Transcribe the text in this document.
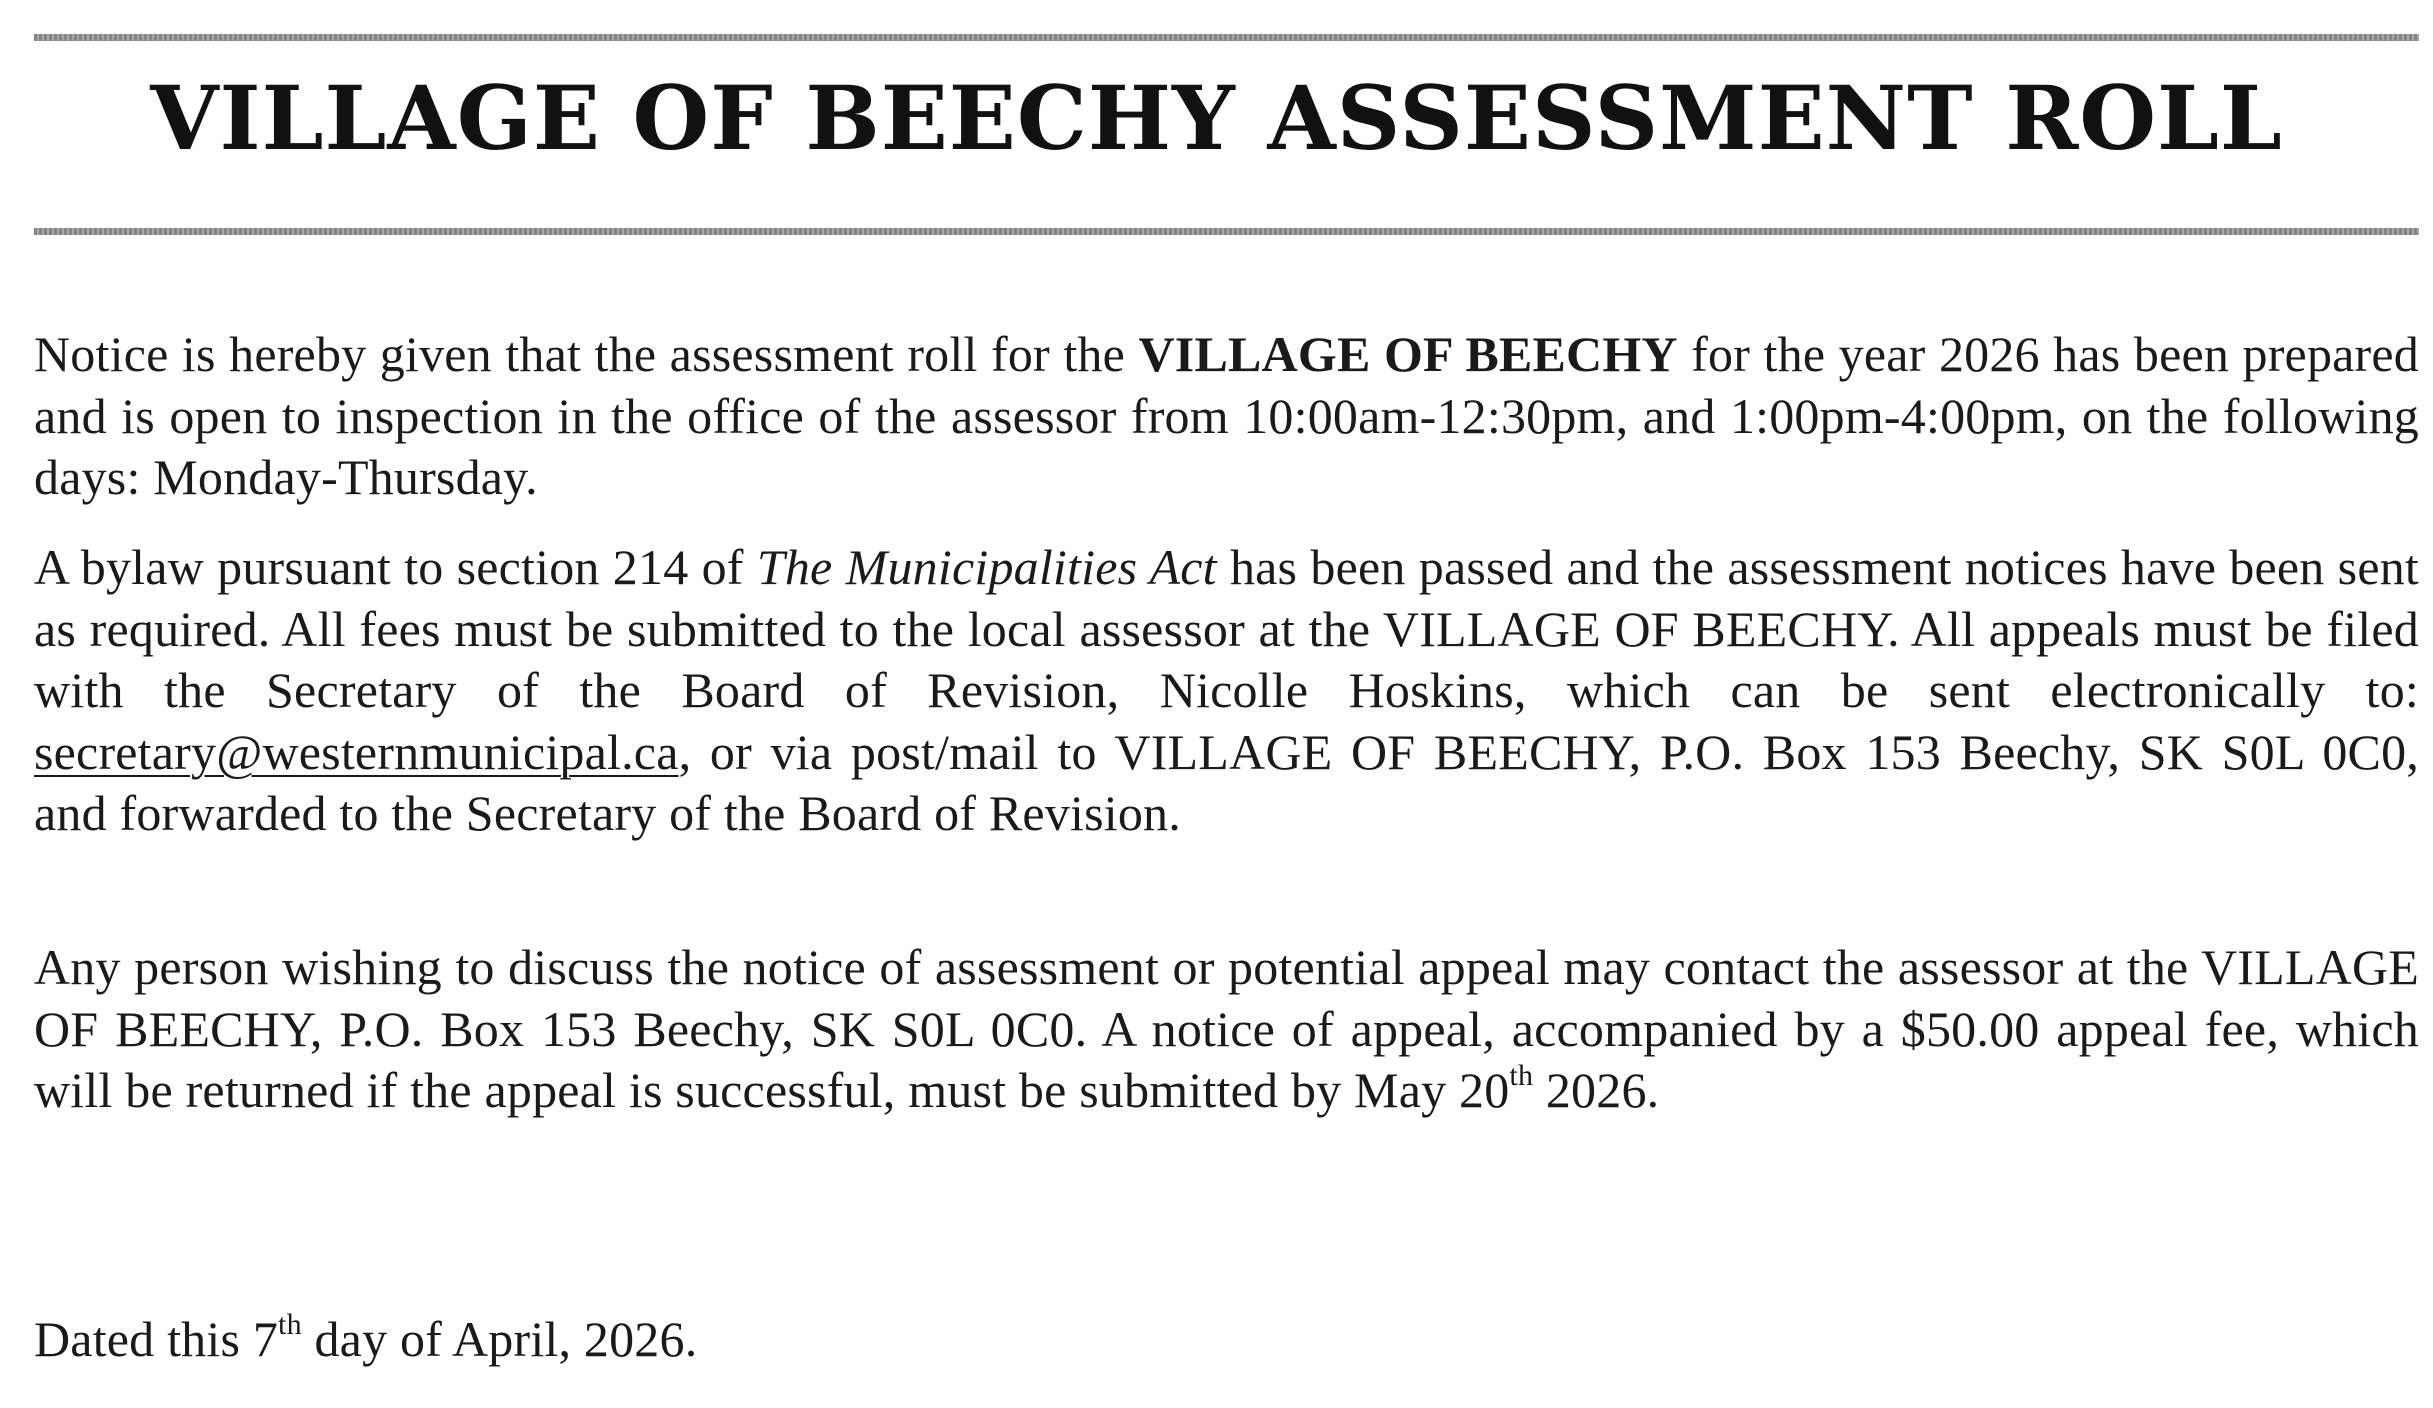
VILLAGE OF BEECHY ASSESSMENT ROLL

Notice is hereby given that the assessment roll for the VILLAGE OF BEECHY for the year 2026 has been prepared and is open to inspection in the office of the assessor from 10:00am-12:30pm, and 1:00pm-4:00pm, on the following days: Monday-Thursday.

A bylaw pursuant to section 214 of The Municipalities Act has been passed and the assessment notices have been sent as required. All fees must be submitted to the local assessor at the VILLAGE OF BEECHY. All appeals must be filed with the Secretary of the Board of Revision, Nicolle Hoskins, which can be sent electronically to: secretary@westernmunicipal.ca, or via post/mail to VILLAGE OF BEECHY, P.O. Box 153 Beechy, SK S0L 0C0, and forwarded to the Secretary of the Board of Revision.

Any person wishing to discuss the notice of assessment or potential appeal may contact the assessor at the VILLAGE OF BEECHY, P.O. Box 153 Beechy, SK S0L 0C0. A notice of appeal, accompanied by a $50.00 appeal fee, which will be returned if the appeal is successful, must be submitted by May 20th 2026.

Dated this 7th day of April, 2026.
